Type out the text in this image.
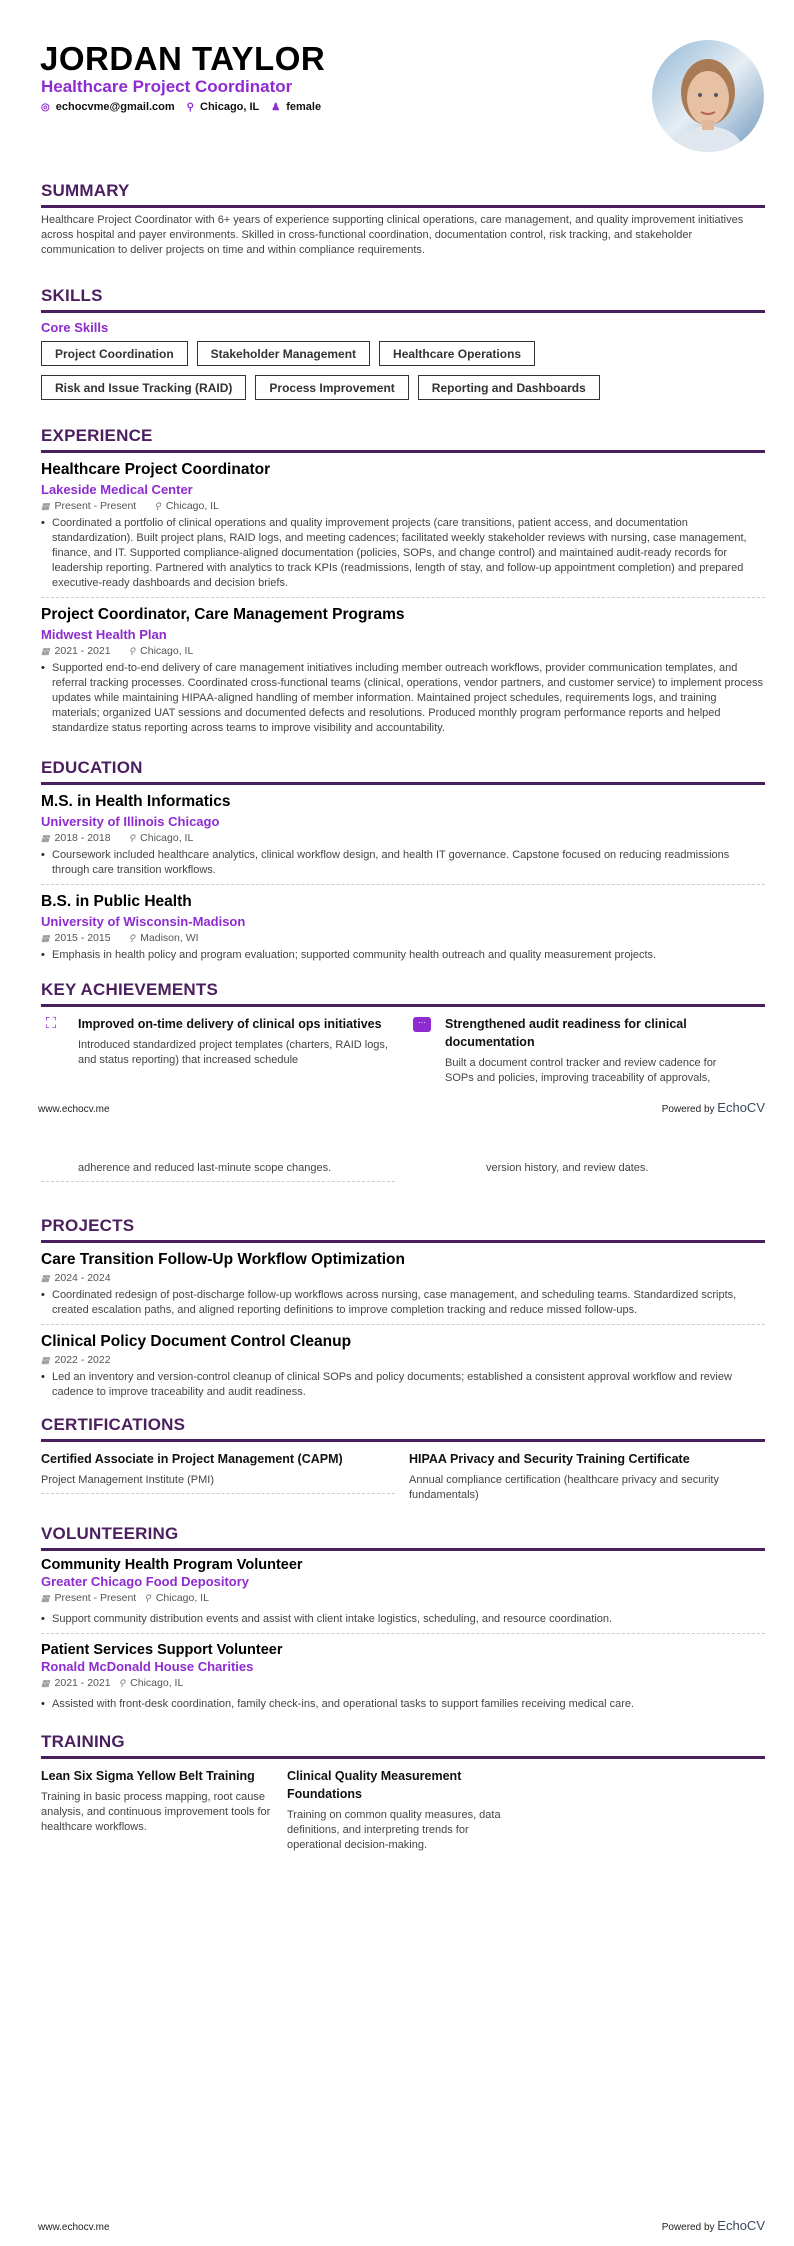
JORDAN TAYLOR
Healthcare Project Coordinator
◎ echocvme@gmail.com ⚲ Chicago, IL ♟ female
SUMMARY
Healthcare Project Coordinator with 6+ years of experience supporting clinical operations, care management, and quality improvement initiatives across hospital and payer environments. Skilled in cross-functional coordination, documentation control, risk tracking, and stakeholder communication to deliver projects on time and within compliance requirements.
SKILLS
Core Skills
Project Coordination	Stakeholder Management	Healthcare Operations
Risk and Issue Tracking (RAID)	Process Improvement	Reporting and Dashboards
EXPERIENCE
Healthcare Project Coordinator
Lakeside Medical Center
▦ Present - Present ⚲ Chicago, IL
• Coordinated a portfolio of clinical operations and quality improvement projects (care transitions, patient access, and documentation standardization). Built project plans, RAID logs, and meeting cadences; facilitated weekly stakeholder reviews with nursing, case management, finance, and IT. Supported compliance-aligned documentation (policies, SOPs, and change control) and maintained audit-ready records for leadership reporting. Partnered with analytics to track KPIs (readmissions, length of stay, and follow-up appointment completion) and prepared executive-ready dashboards and decision briefs.
Project Coordinator, Care Management Programs
Midwest Health Plan
▦ 2021 - 2021 ⚲ Chicago, IL
• Supported end-to-end delivery of care management initiatives including member outreach workflows, provider communication templates, and referral tracking processes. Coordinated cross-functional teams (clinical, operations, vendor partners, and customer service) to implement process updates while maintaining HIPAA-aligned handling of member information. Maintained project schedules, requirements logs, and training materials; organized UAT sessions and documented defects and resolutions. Produced monthly program performance reports and helped standardize status reporting across teams to improve visibility and accountability.
EDUCATION
M.S. in Health Informatics
University of Illinois Chicago
▦ 2018 - 2018 ⚲ Chicago, IL
• Coursework included healthcare analytics, clinical workflow design, and health IT governance. Capstone focused on reducing readmissions through care transition workflows.
B.S. in Public Health
University of Wisconsin-Madison
▦ 2015 - 2015 ⚲ Madison, WI
• Emphasis in health policy and program evaluation; supported community health outreach and quality measurement projects.
KEY ACHIEVEMENTS
⛶	Improved on-time delivery of clinical ops initiatives
Introduced standardized project templates (charters, RAID logs, and status reporting) that increased schedule
···	Strengthened audit readiness for clinical documentation
Built a document control tracker and review cadence for SOPs and policies, improving traceability of approvals,
www.echocv.me	Powered by EchoCV
adherence and reduced last-minute scope changes.	version history, and review dates.
PROJECTS
Care Transition Follow-Up Workflow Optimization
▦ 2024 - 2024
• Coordinated redesign of post-discharge follow-up workflows across nursing, case management, and scheduling teams. Standardized scripts, created escalation paths, and aligned reporting definitions to improve completion tracking and reduce missed follow-ups.
Clinical Policy Document Control Cleanup
▦ 2022 - 2022
• Led an inventory and version-control cleanup of clinical SOPs and policy documents; established a consistent approval workflow and review cadence to improve traceability and audit readiness.
CERTIFICATIONS
Certified Associate in Project Management (CAPM)
Project Management Institute (PMI)
HIPAA Privacy and Security Training Certificate
Annual compliance certification (healthcare privacy and security fundamentals)
VOLUNTEERING
Community Health Program Volunteer
Greater Chicago Food Depository
▦ Present - Present ⚲ Chicago, IL
• Support community distribution events and assist with client intake logistics, scheduling, and resource coordination.
Patient Services Support Volunteer
Ronald McDonald House Charities
▦ 2021 - 2021 ⚲ Chicago, IL
• Assisted with front-desk coordination, family check-ins, and operational tasks to support families receiving medical care.
TRAINING
Lean Six Sigma Yellow Belt Training
Training in basic process mapping, root cause analysis, and continuous improvement tools for healthcare workflows.
Clinical Quality Measurement Foundations
Training on common quality measures, data definitions, and interpreting trends for operational decision-making.
www.echocv.me	Powered by EchoCV
